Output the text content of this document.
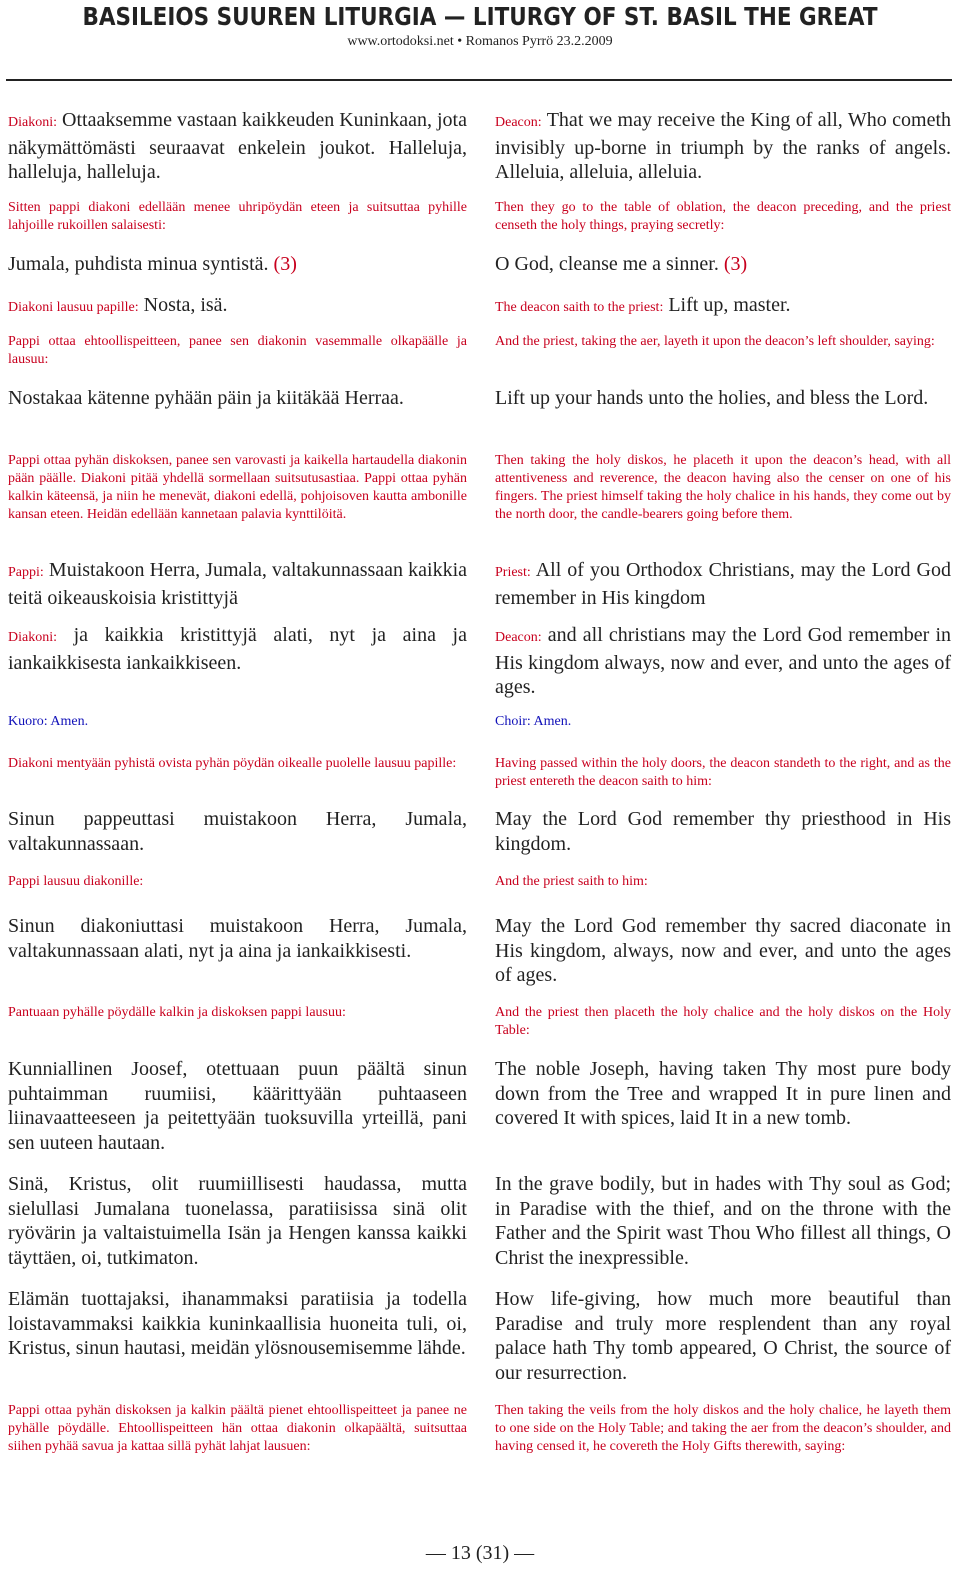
BASILEIOS SUUREN LITURGIA — LITURGY OF ST. BASIL THE GREAT
www.ortodoksi.net • Romanos Pyrrö 23.2.2009

Diakoni: Ottaaksemme vastaan kaikkeuden Kuninkaan, jota näkymättömästi seuraavat enkelein joukot. Halleluja, halleluja, halleluja.

Sitten pappi diakoni edellään menee uhripöydän eteen ja suitsuttaa pyhille lahjoille rukoillen salaisesti:

Jumala, puhdista minua syntistä. (3)

Diakoni lausuu papille: Nosta, isä.

Pappi ottaa ehtoollispeitteen, panee sen diakonin vasemmalle olkapäälle ja lausuu:

Nostakaa kätenne pyhään päin ja kiitäkää Herraa.

Pappi ottaa pyhän diskoksen, panee sen varovasti ja kaikella hartaudella diakonin pään päälle. Diakoni pitää yhdellä sormellaan suitsutusastiaa. Pappi ottaa pyhän kalkin käteensä, ja niin he menevät, diakoni edellä, pohjoisoven kautta ambonille kansan eteen. Heidän edellään kannetaan palavia kynttilöitä.

Pappi: Muistakoon Herra, Jumala, valtakunnassaan kaikkia teitä oikeauskoisia kristittyjä

Diakoni: ja kaikkia kristittyjä alati, nyt ja aina ja iankaikkisesta iankaikkiseen.

Kuoro: Amen.

Diakoni mentyään pyhistä ovista pyhän pöydän oikealle puolelle lausuu papille:

Sinun pappeuttasi muistakoon Herra, Jumala, valtakunnassaan.

Pappi lausuu diakonille:

Sinun diakoniuttasi muistakoon Herra, Jumala, valtakunnassaan alati, nyt ja aina ja iankaikkisesti.

Pantuaan pyhälle pöydälle kalkin ja diskoksen pappi lausuu:

Kunniallinen Joosef, otettuaan puun päältä sinun puhtaimman ruumiisi, käärittyään puhtaaseen liinavaatteeseen ja peitettyään tuoksuvilla yrteillä, pani sen uuteen hautaan.

Sinä, Kristus, olit ruumiillisesti haudassa, mutta sielullasi Jumalana tuonelassa, paratiisissa sinä olit ryövärin ja valtaistuimella Isän ja Hengen kanssa kaikki täyttäen, oi, tutkimaton.

Elämän tuottajaksi, ihanammaksi paratiisia ja todella loistavammaksi kaikkia kuninkaallisia huoneita tuli, oi, Kristus, sinun hautasi, meidän ylösnousemisemme lähde.

Pappi ottaa pyhän diskoksen ja kalkin päältä pienet ehtoollispeitteet ja panee ne pyhälle pöydälle. Ehtoollispeitteen hän ottaa diakonin olkapäältä, suitsuttaa siihen pyhää savua ja kattaa sillä pyhät lahjat lausuen:

Deacon: That we may receive the King of all, Who cometh invisibly up-borne in triumph by the ranks of angels. Alleluia, alleluia, alleluia.

Then they go to the table of oblation, the deacon preceding, and the priest censeth the holy things, praying secretly:

O God, cleanse me a sinner. (3)

The deacon saith to the priest: Lift up, master.

And the priest, taking the aer, layeth it upon the deacon’s left shoulder, saying:

Lift up your hands unto the holies, and bless the Lord.

Then taking the holy diskos, he placeth it upon the deacon’s head, with all attentiveness and reverence, the deacon having also the censer on one of his fingers. The priest himself taking the holy chalice in his hands, they come out by the north door, the candle-bearers going before them.

Priest: All of you Orthodox Christians, may the Lord God remember in His kingdom

Deacon: and all christians may the Lord God remember in His kingdom always, now and ever, and unto the ages of ages.

Choir: Amen.

Having passed within the holy doors, the deacon standeth to the right, and as the priest entereth the deacon saith to him:

May the Lord God remember thy priesthood in His kingdom.

And the priest saith to him:

May the Lord God remember thy sacred diaconate in His kingdom, always, now and ever, and unto the ages of ages.

And the priest then placeth the holy chalice and the holy diskos on the Holy Table:

The noble Joseph, having taken Thy most pure body down from the Tree and wrapped It in pure linen and covered It with spices, laid It in a new tomb.

In the grave bodily, but in hades with Thy soul as God; in Paradise with the thief, and on the throne with the Father and the Spirit wast Thou Who fillest all things, O Christ the inexpressible.

How life-giving, how much more beautiful than Paradise and truly more resplendent than any royal palace hath Thy tomb appeared, O Christ, the source of our resurrection.

Then taking the veils from the holy diskos and the holy chalice, he layeth them to one side on the Holy Table; and taking the aer from the deacon’s shoulder, and having censed it, he covereth the Holy Gifts therewith, saying:

— 13 (31) —
